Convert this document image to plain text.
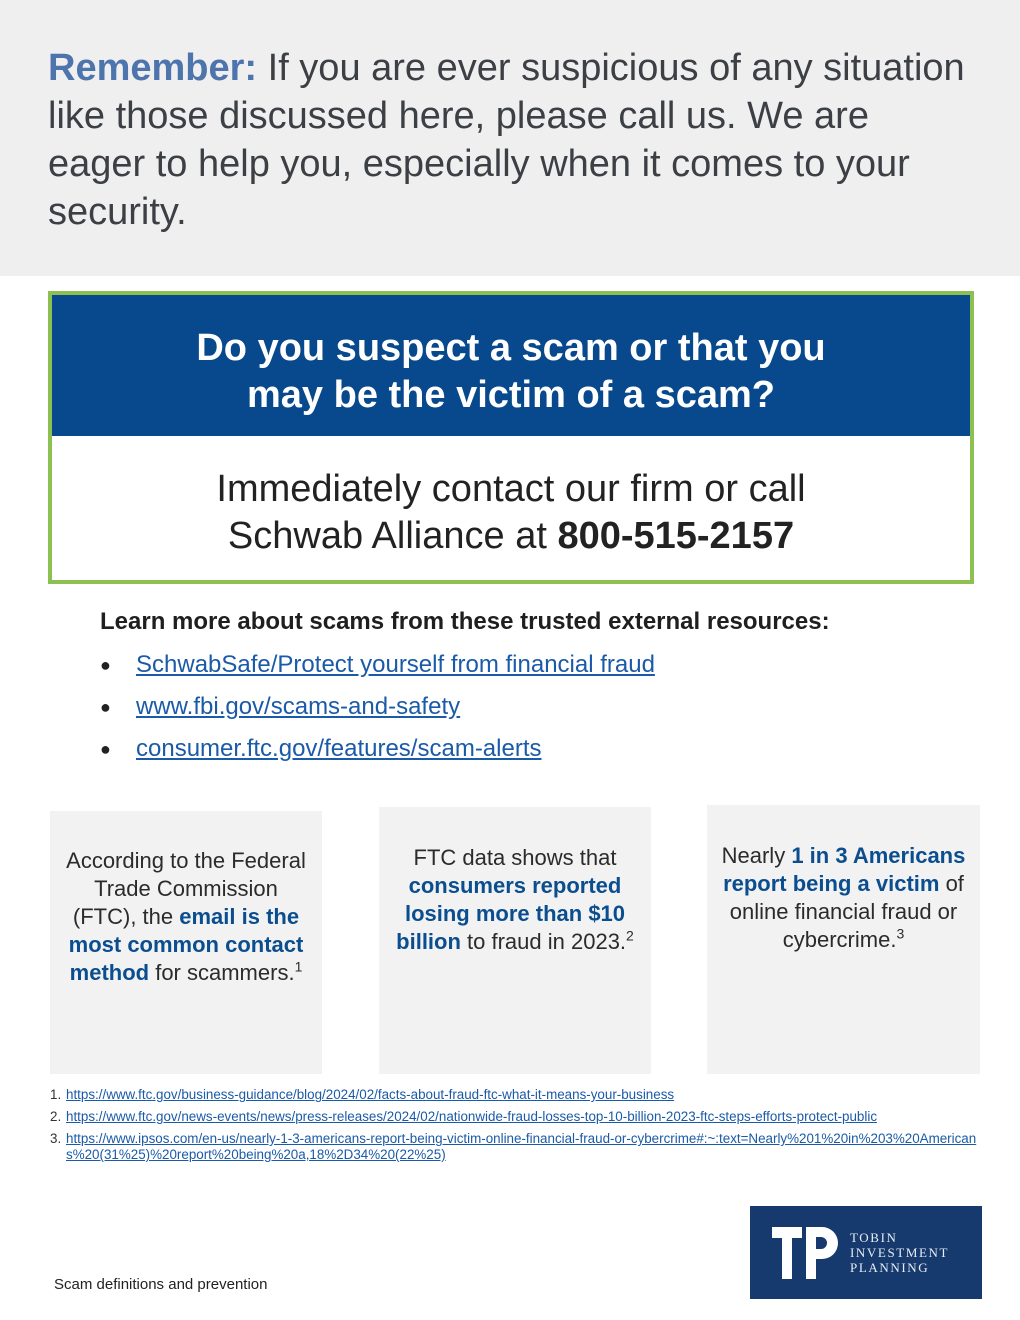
Remember: If you are ever suspicious of any situation like those discussed here, please call us. We are eager to help you, especially when it comes to your security.

Do you suspect a scam or that you
may be the victim of a scam?
Immediately contact our firm or call
Schwab Alliance at 800-515-2157
Learn more about scams from these trusted external resources:
●	SchwabSafe/Protect yourself from financial fraud
●	www.fbi.gov/scams-and-safety
●	consumer.ftc.gov/features/scam-alerts
According to the Federal Trade Commission (FTC), the email is the most common contact method for scammers.$^1$
FTC data shows that consumers reported losing more than $10 billion to fraud in 2023.$^2$
Nearly 1 in 3 Americans report being a victim of online financial fraud or cybercrime.$^3$
1. https://www.ftc.gov/business-guidance/blog/2024/02/facts-about-fraud-ftc-what-it-means-your-business
2. https://www.ftc.gov/news-events/news/press-releases/2024/02/nationwide-fraud-losses-top-10-billion-2023-ftc-steps-efforts-protect-public
3. https://www.ipsos.com/en-us/nearly-1-3-americans-report-being-victim-online-financial-fraud-or-cybercrime#:~:text=Nearly%201%20in%203%20Americans%20(31%25)%20report%20being%20a,18%2D34%20(22%25)
Scam definitions and prevention
TOBIN
INVESTMENT
PLANNING
